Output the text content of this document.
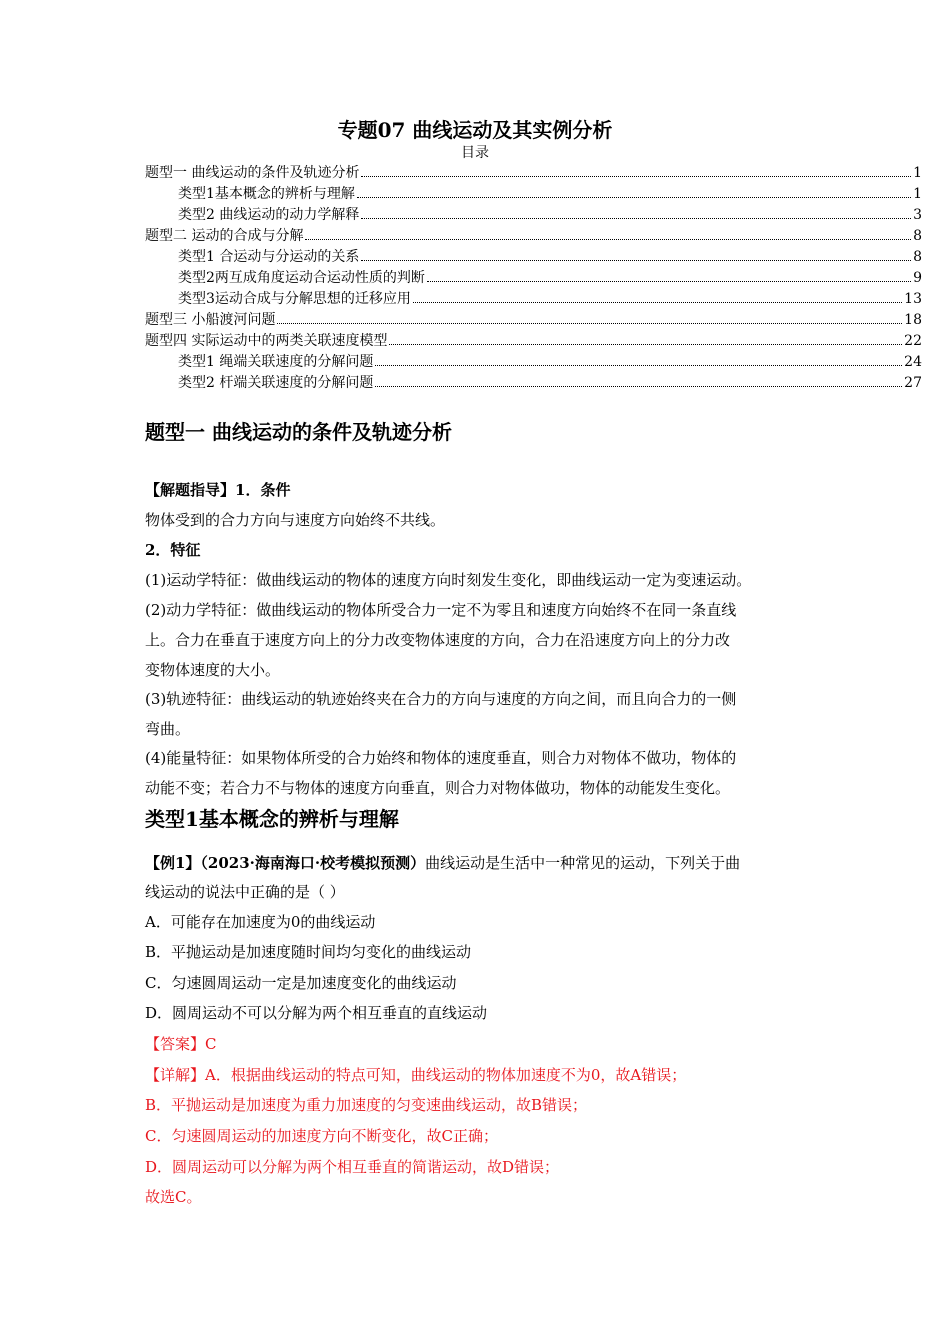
专题07 曲线运动及其实例分析
目录
题型一 曲线运动的条件及轨迹分析	1
类型1基本概念的辨析与理解	1
类型2 曲线运动的动力学解释	3
题型二 运动的合成与分解	8
类型1 合运动与分运动的关系	8
类型2两互成角度运动合运动性质的判断	9
类型3运动合成与分解思想的迁移应用	13
题型三 小船渡河问题	18
题型四 实际运动中的两类关联速度模型	22
类型1 绳端关联速度的分解问题	24
类型2 杆端关联速度的分解问题	27
题型一 曲线运动的条件及轨迹分析
【解题指导】1．条件
物体受到的合力方向与速度方向始终不共线。
2．特征
(1)运动学特征：做曲线运动的物体的速度方向时刻发生变化，即曲线运动一定为变速运动。
(2)动力学特征：做曲线运动的物体所受合力一定不为零且和速度方向始终不在同一条直线
上。合力在垂直于速度方向上的分力改变物体速度的方向，合力在沿速度方向上的分力改
变物体速度的大小。
(3)轨迹特征：曲线运动的轨迹始终夹在合力的方向与速度的方向之间，而且向合力的一侧
弯曲。
(4)能量特征：如果物体所受的合力始终和物体的速度垂直，则合力对物体不做功，物体的
动能不变；若合力不与物体的速度方向垂直，则合力对物体做功，物体的动能发生变化。
类型1基本概念的辨析与理解
【例1】（2023·海南海口·校考模拟预测）曲线运动是生活中一种常见的运动，下列关于曲
线运动的说法中正确的是（ ）
A．可能存在加速度为0的曲线运动
B．平抛运动是加速度随时间均匀变化的曲线运动
C．匀速圆周运动一定是加速度变化的曲线运动
D．圆周运动不可以分解为两个相互垂直的直线运动
【答案】C
【详解】A．根据曲线运动的特点可知，曲线运动的物体加速度不为0，故A错误；
B．平抛运动是加速度为重力加速度的匀变速曲线运动，故B错误；
C．匀速圆周运动的加速度方向不断变化，故C正确；
D．圆周运动可以分解为两个相互垂直的简谐运动，故D错误；
故选C。
